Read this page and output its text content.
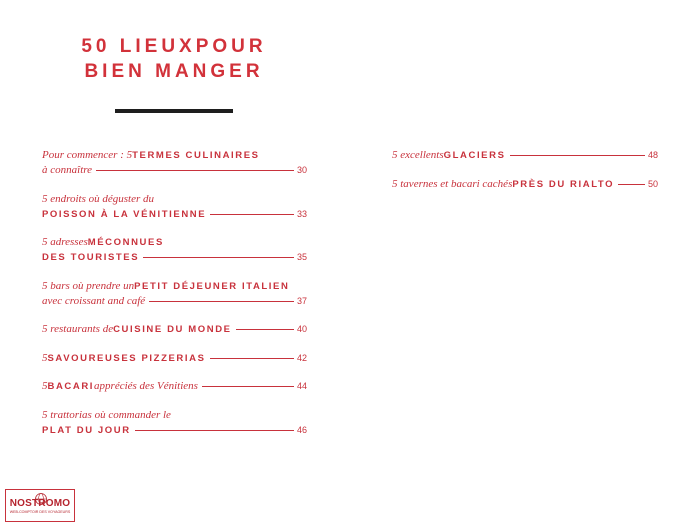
50 LIEUXPOUR
BIEN MANGER
Pour commencer : 5 TERMES CULINAIRES
à connaître	30
5 endroits où déguster du
POISSON À LA VÉNITIENNE	33
5 adresses MÉCONNUES
DES TOURISTES	35
5 bars où prendre un PETIT DÉJEUNER ITALIEN
avec croissant and café	37
5 restaurants de CUISINE DU MONDE	40
5 SAVOUREUSES PIZZERIAS	42
5 BACARI appréciés des Vénitiens	44
5 trattorias où commander le
PLAT DU JOUR	46
5 excellents GLACIERS	48
5 tavernes et bacari cachés PRÈS DU RIALTO	50
NOSTROMO
WEB-COMPTOIR DES VOYAGEURS
